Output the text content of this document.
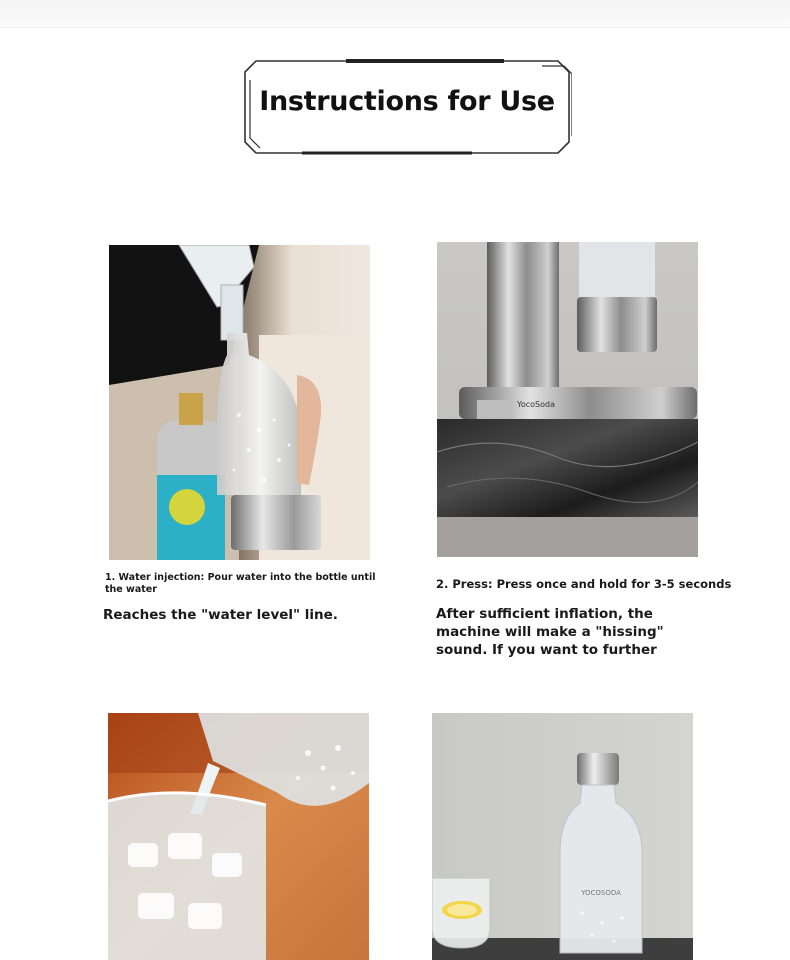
Instructions for Use
YocoSoda
1. Water injection: Pour water into the bottle until
the water
Reaches the "water level" line.
2. Press: Press once and hold for 3-5 seconds
After sufficient inflation, the
machine will make a "hissing"
sound. If you want to further
YOCOSODA
